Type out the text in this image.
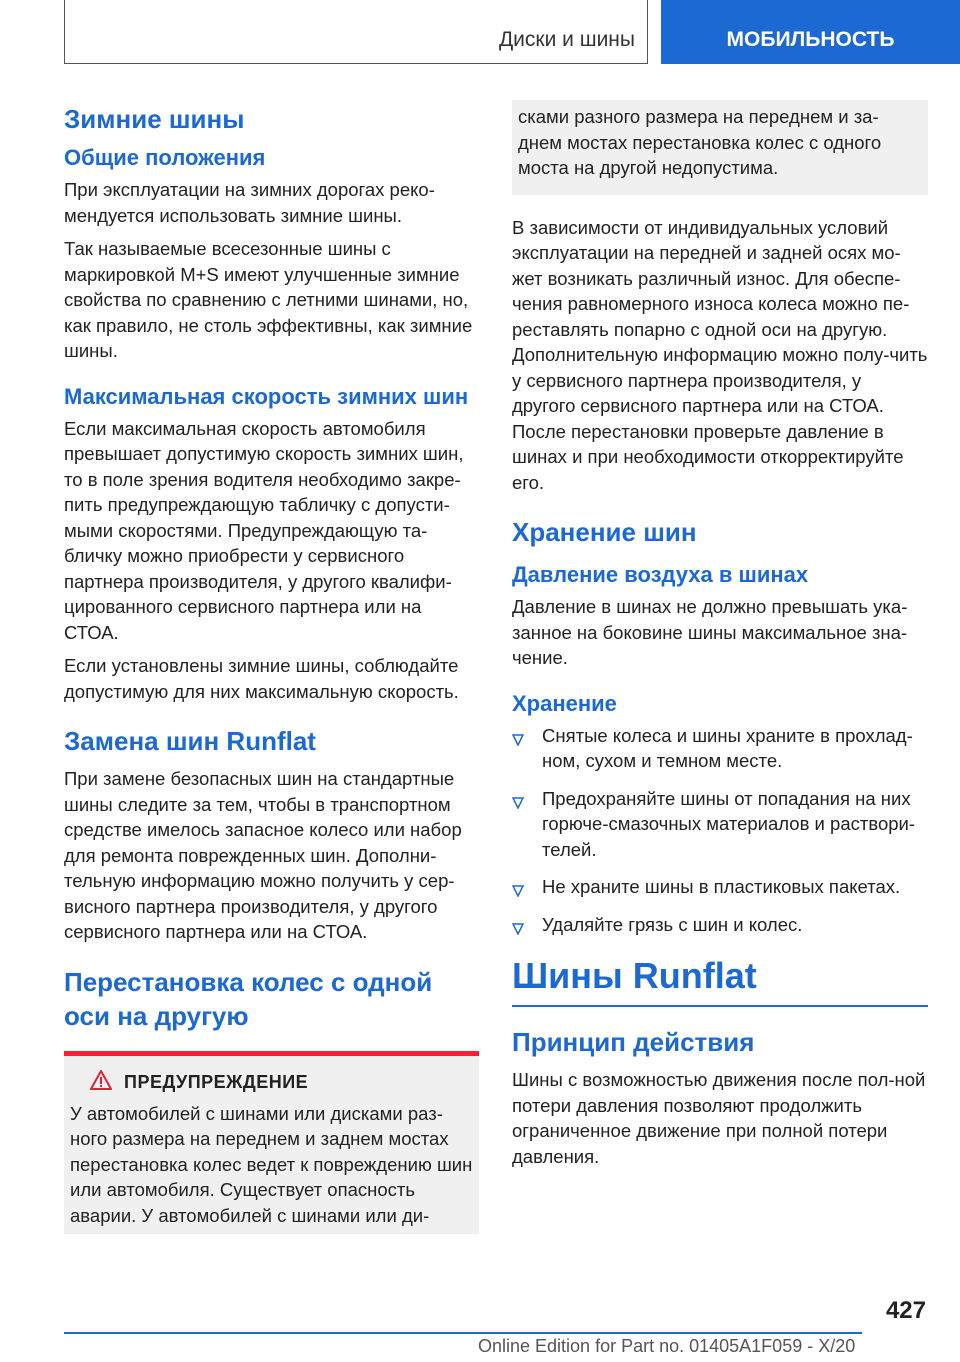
Диски и шины	МОБИЛЬНОСТЬ
Зимние шины
Общие положения

При эксплуатации на зимних дорогах реко-мендуется использовать зимние шины.

Так называемые всесезонные шины с маркировкой M+S имеют улучшенные зимние свойства по сравнению с летними шинами, но, как правило, не столь эффективны, как зимние шины.

Максимальная скорость зимних шин

Если максимальная скорость автомобиля превышает допустимую скорость зимних шин, то в поле зрения водителя необходимо закре-пить предупреждающую табличку с допусти-мыми скоростями. Предупреждающую та-бличку можно приобрести у сервисного партнера производителя, у другого квалифи-цированного сервисного партнера или на СТОА.

Если установлены зимние шины, соблюдайте допустимую для них максимальную скорость.

Замена шин Runflat

При замене безопасных шин на стандартные шины следите за тем, чтобы в транспортном средстве имелось запасное колесо или набор для ремонта поврежденных шин. Дополни-тельную информацию можно получить у сер-висного партнера производителя, у другого сервисного партнера или на СТОА.

Перестановка колес с одной оси на другую
ПРЕДУПРЕЖДЕНИЕ

У автомобилей с шинами или дисками раз-ного размера на переднем и заднем мостах перестановка колес ведет к повреждению шин или автомобиля. Существует опасность аварии. У автомобилей с шинами или ди-

сками разного размера на переднем и за-днем мостах перестановка колес с одного моста на другой недопустима.

В зависимости от индивидуальных условий эксплуатации на передней и задней осях мо-жет возникать различный износ. Для обеспе-чения равномерного износа колеса можно пе-реставлять попарно с одной оси на другую. Дополнительную информацию можно полу-чить у сервисного партнера производителя, у другого сервисного партнера или на СТОА. После перестановки проверьте давление в шинах и при необходимости откорректируйте его.

Хранение шин
Давление воздуха в шинах

Давление в шинах не должно превышать ука-занное на боковине шины максимальное зна-чение.

Хранение
Снятые колеса и шины храните в прохлад-ном, сухом и темном месте.
Предохраняйте шины от попадания на них горюче-смазочных материалов и раствори-телей.
Не храните шины в пластиковых пакетах.
Удаляйте грязь с шин и колес.
Шины Runflat
Принцип действия

Шины с возможностью движения после пол-ной потери давления позволяют продолжить ограниченное движение при полной потери давления.

427
Online Edition for Part no. 01405A1F059 - X/20
